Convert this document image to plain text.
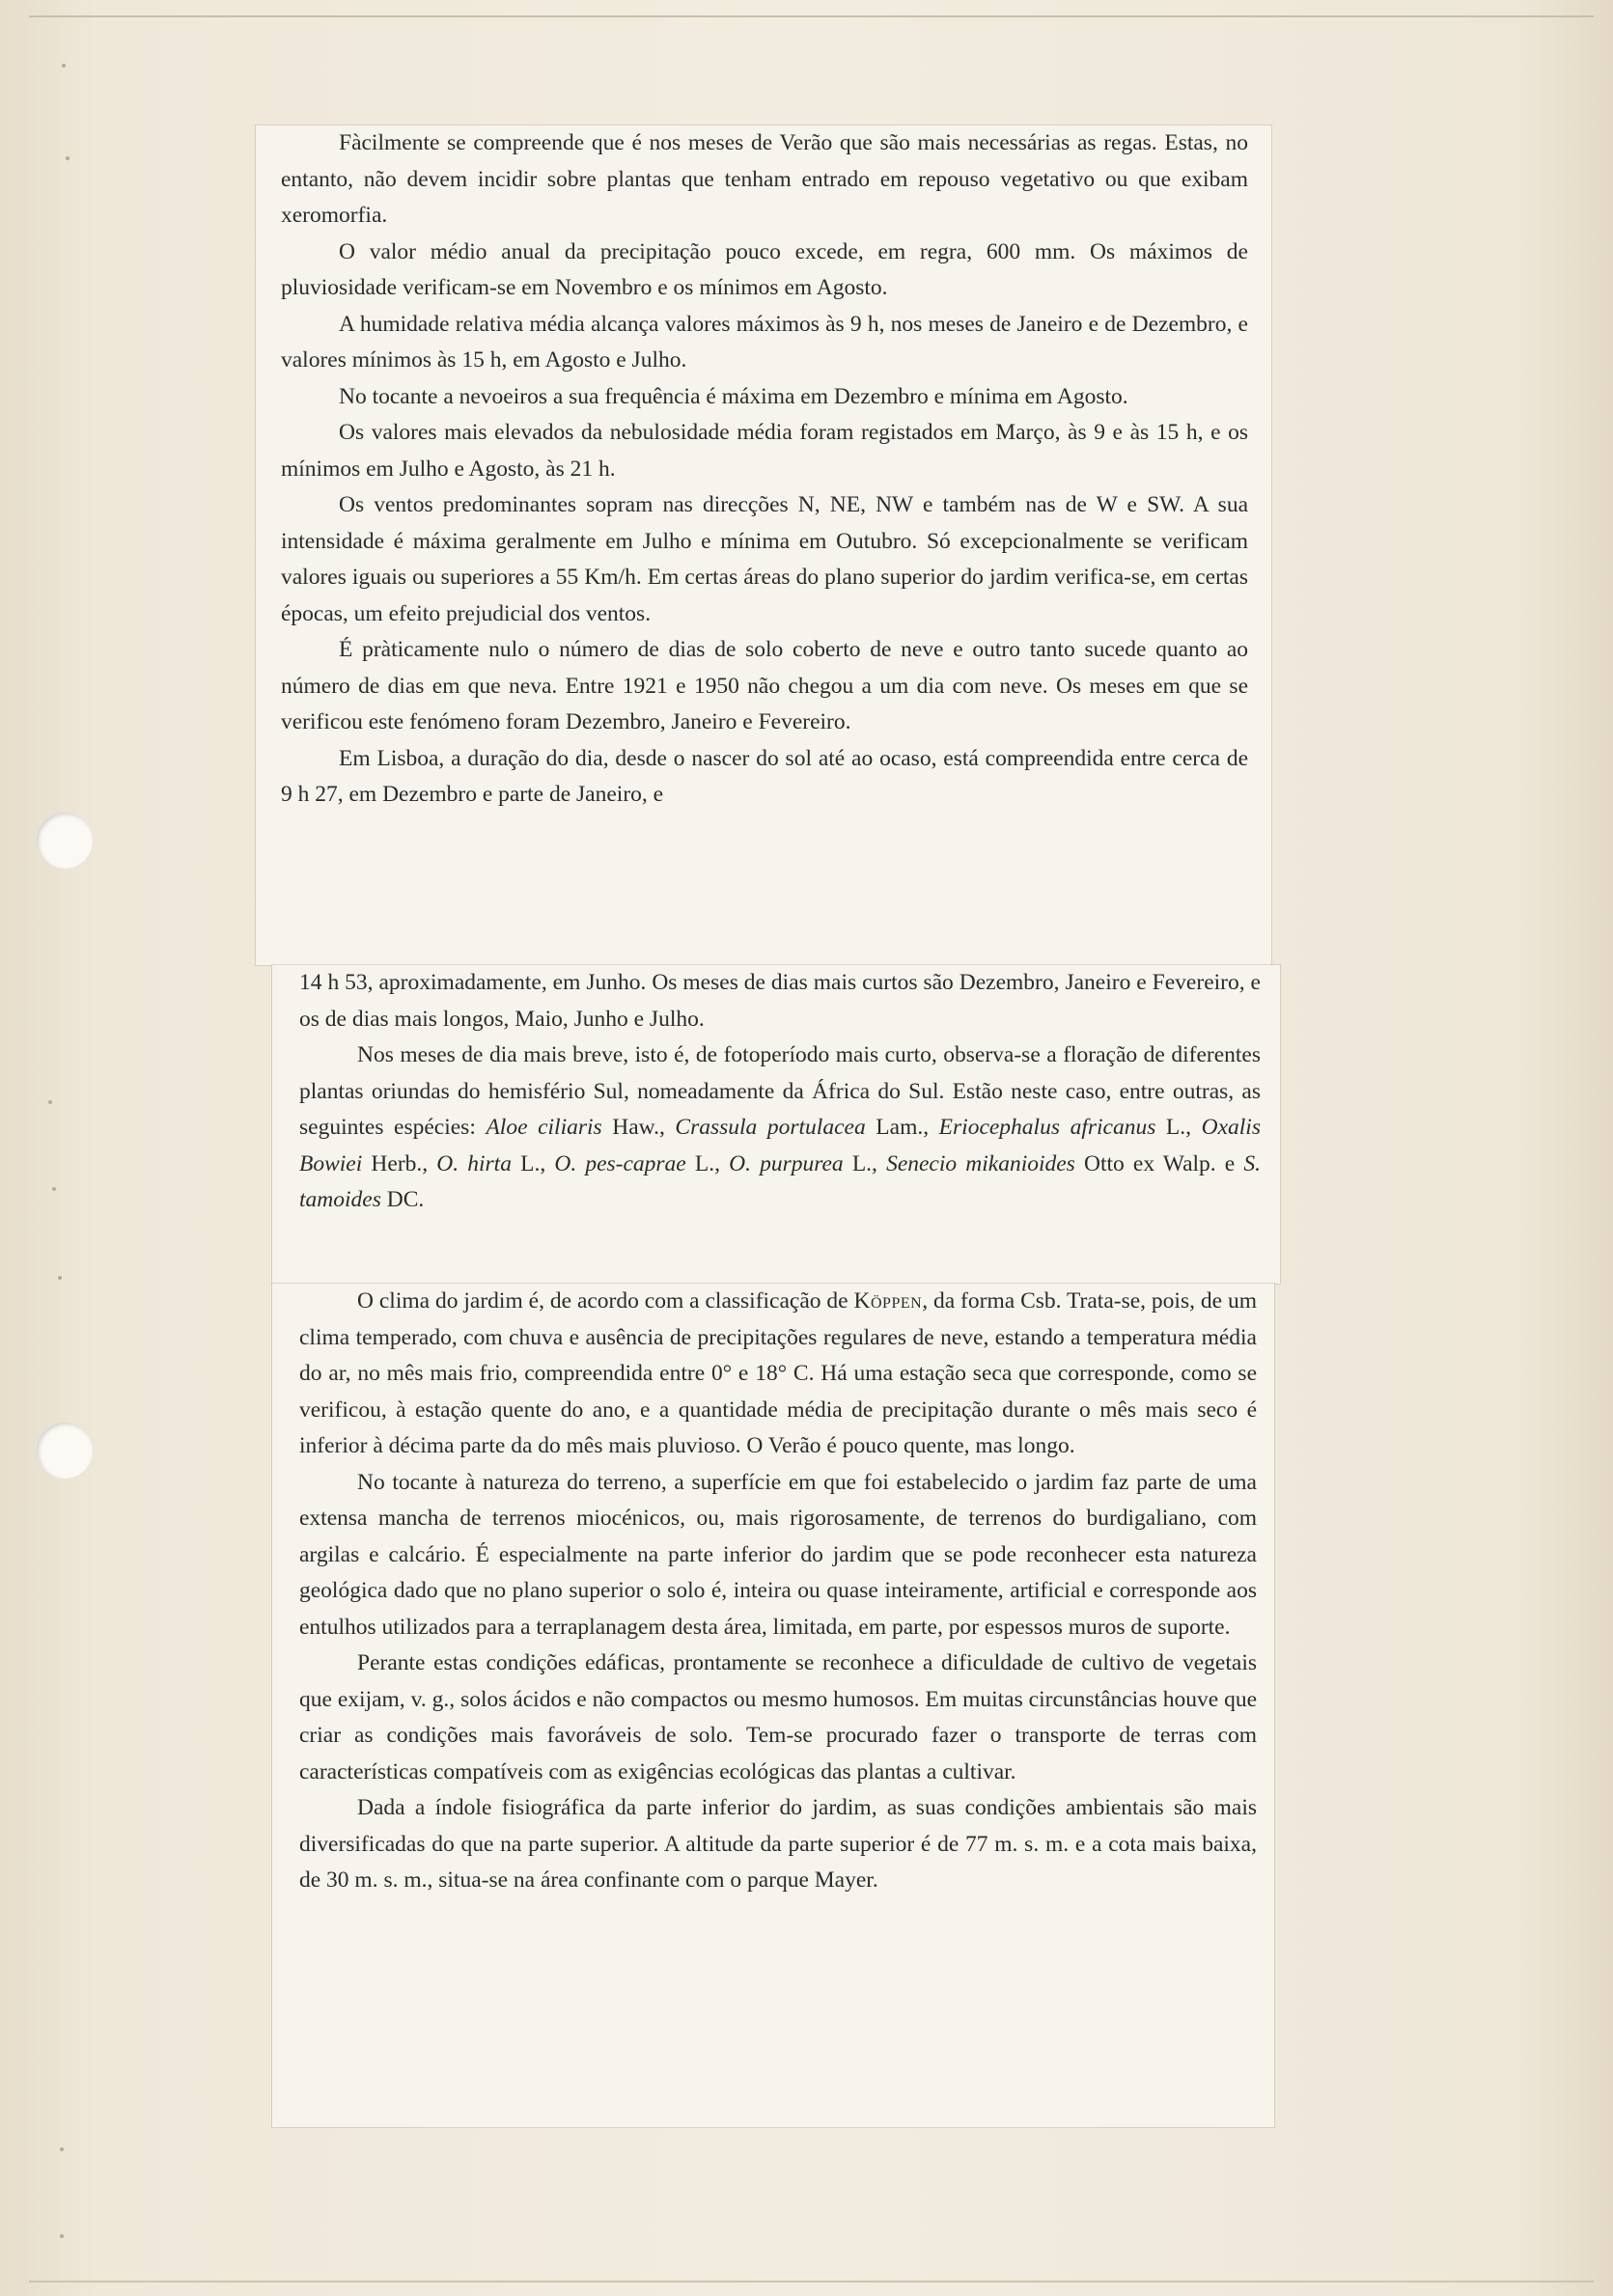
Fàcilmente se compreende que é nos meses de Verão que são mais necessárias as regas. Estas, no entanto, não devem incidir sobre plantas que tenham entrado em repouso vegetativo ou que exibam xeromorfia.

O valor médio anual da precipitação pouco excede, em regra, 600 mm. Os máximos de pluviosidade verificam-se em Novembro e os mínimos em Agosto.

A humidade relativa média alcança valores máximos às 9 h, nos meses de Janeiro e de Dezembro, e valores mínimos às 15 h, em Agosto e Julho.

No tocante a nevoeiros a sua frequência é máxima em Dezembro e mínima em Agosto.

Os valores mais elevados da nebulosidade média foram registados em Março, às 9 e às 15 h, e os mínimos em Julho e Agosto, às 21 h.

Os ventos predominantes sopram nas direcções N, NE, NW e também nas de W e SW. A sua intensidade é máxima geralmente em Julho e mínima em Outubro. Só excepcionalmente se verificam valores iguais ou superiores a 55 Km/h. Em certas áreas do plano superior do jardim verifica-se, em certas épocas, um efeito prejudicial dos ventos.

É pràticamente nulo o número de dias de solo coberto de neve e outro tanto sucede quanto ao número de dias em que neva. Entre 1921 e 1950 não chegou a um dia com neve. Os meses em que se verificou este fenómeno foram Dezembro, Janeiro e Fevereiro.

Em Lisboa, a duração do dia, desde o nascer do sol até ao ocaso, está compreendida entre cerca de 9 h 27, em Dezembro e parte de Janeiro, e

14 h 53, aproximadamente, em Junho. Os meses de dias mais curtos são Dezembro, Janeiro e Fevereiro, e os de dias mais longos, Maio, Junho e Julho.

Nos meses de dia mais breve, isto é, de fotoperíodo mais curto, observa-se a floração de diferentes plantas oriundas do hemisfério Sul, nomeadamente da África do Sul. Estão neste caso, entre outras, as seguintes espécies: Aloe ciliaris Haw., Crassula portulacea Lam., Eriocephalus africanus L., Oxalis Bowiei Herb., O. hirta L., O. pes-caprae L., O. purpurea L., Senecio mikanioides Otto ex Walp. e S. tamoides DC.

O clima do jardim é, de acordo com a classificação de Köppen, da forma Csb. Trata-se, pois, de um clima temperado, com chuva e ausência de precipitações regulares de neve, estando a temperatura média do ar, no mês mais frio, compreendida entre 0° e 18° C. Há uma estação seca que corresponde, como se verificou, à estação quente do ano, e a quantidade média de precipitação durante o mês mais seco é inferior à décima parte da do mês mais pluvioso. O Verão é pouco quente, mas longo.

No tocante à natureza do terreno, a superfície em que foi estabelecido o jardim faz parte de uma extensa mancha de terrenos miocénicos, ou, mais rigorosamente, de terrenos do burdigaliano, com argilas e calcário. É especialmente na parte inferior do jardim que se pode reconhecer esta natureza geológica dado que no plano superior o solo é, inteira ou quase inteiramente, artificial e corresponde aos entulhos utilizados para a terraplanagem desta área, limitada, em parte, por espessos muros de suporte.

Perante estas condições edáficas, prontamente se reconhece a dificuldade de cultivo de vegetais que exijam, v. g., solos ácidos e não compactos ou mesmo humosos. Em muitas circunstâncias houve que criar as condições mais favoráveis de solo. Tem-se procurado fazer o transporte de terras com características compatíveis com as exigências ecológicas das plantas a cultivar.

Dada a índole fisiográfica da parte inferior do jardim, as suas condições ambientais são mais diversificadas do que na parte superior. A altitude da parte superior é de 77 m. s. m. e a cota mais baixa, de 30 m. s. m., situa-se na área confinante com o parque Mayer.
